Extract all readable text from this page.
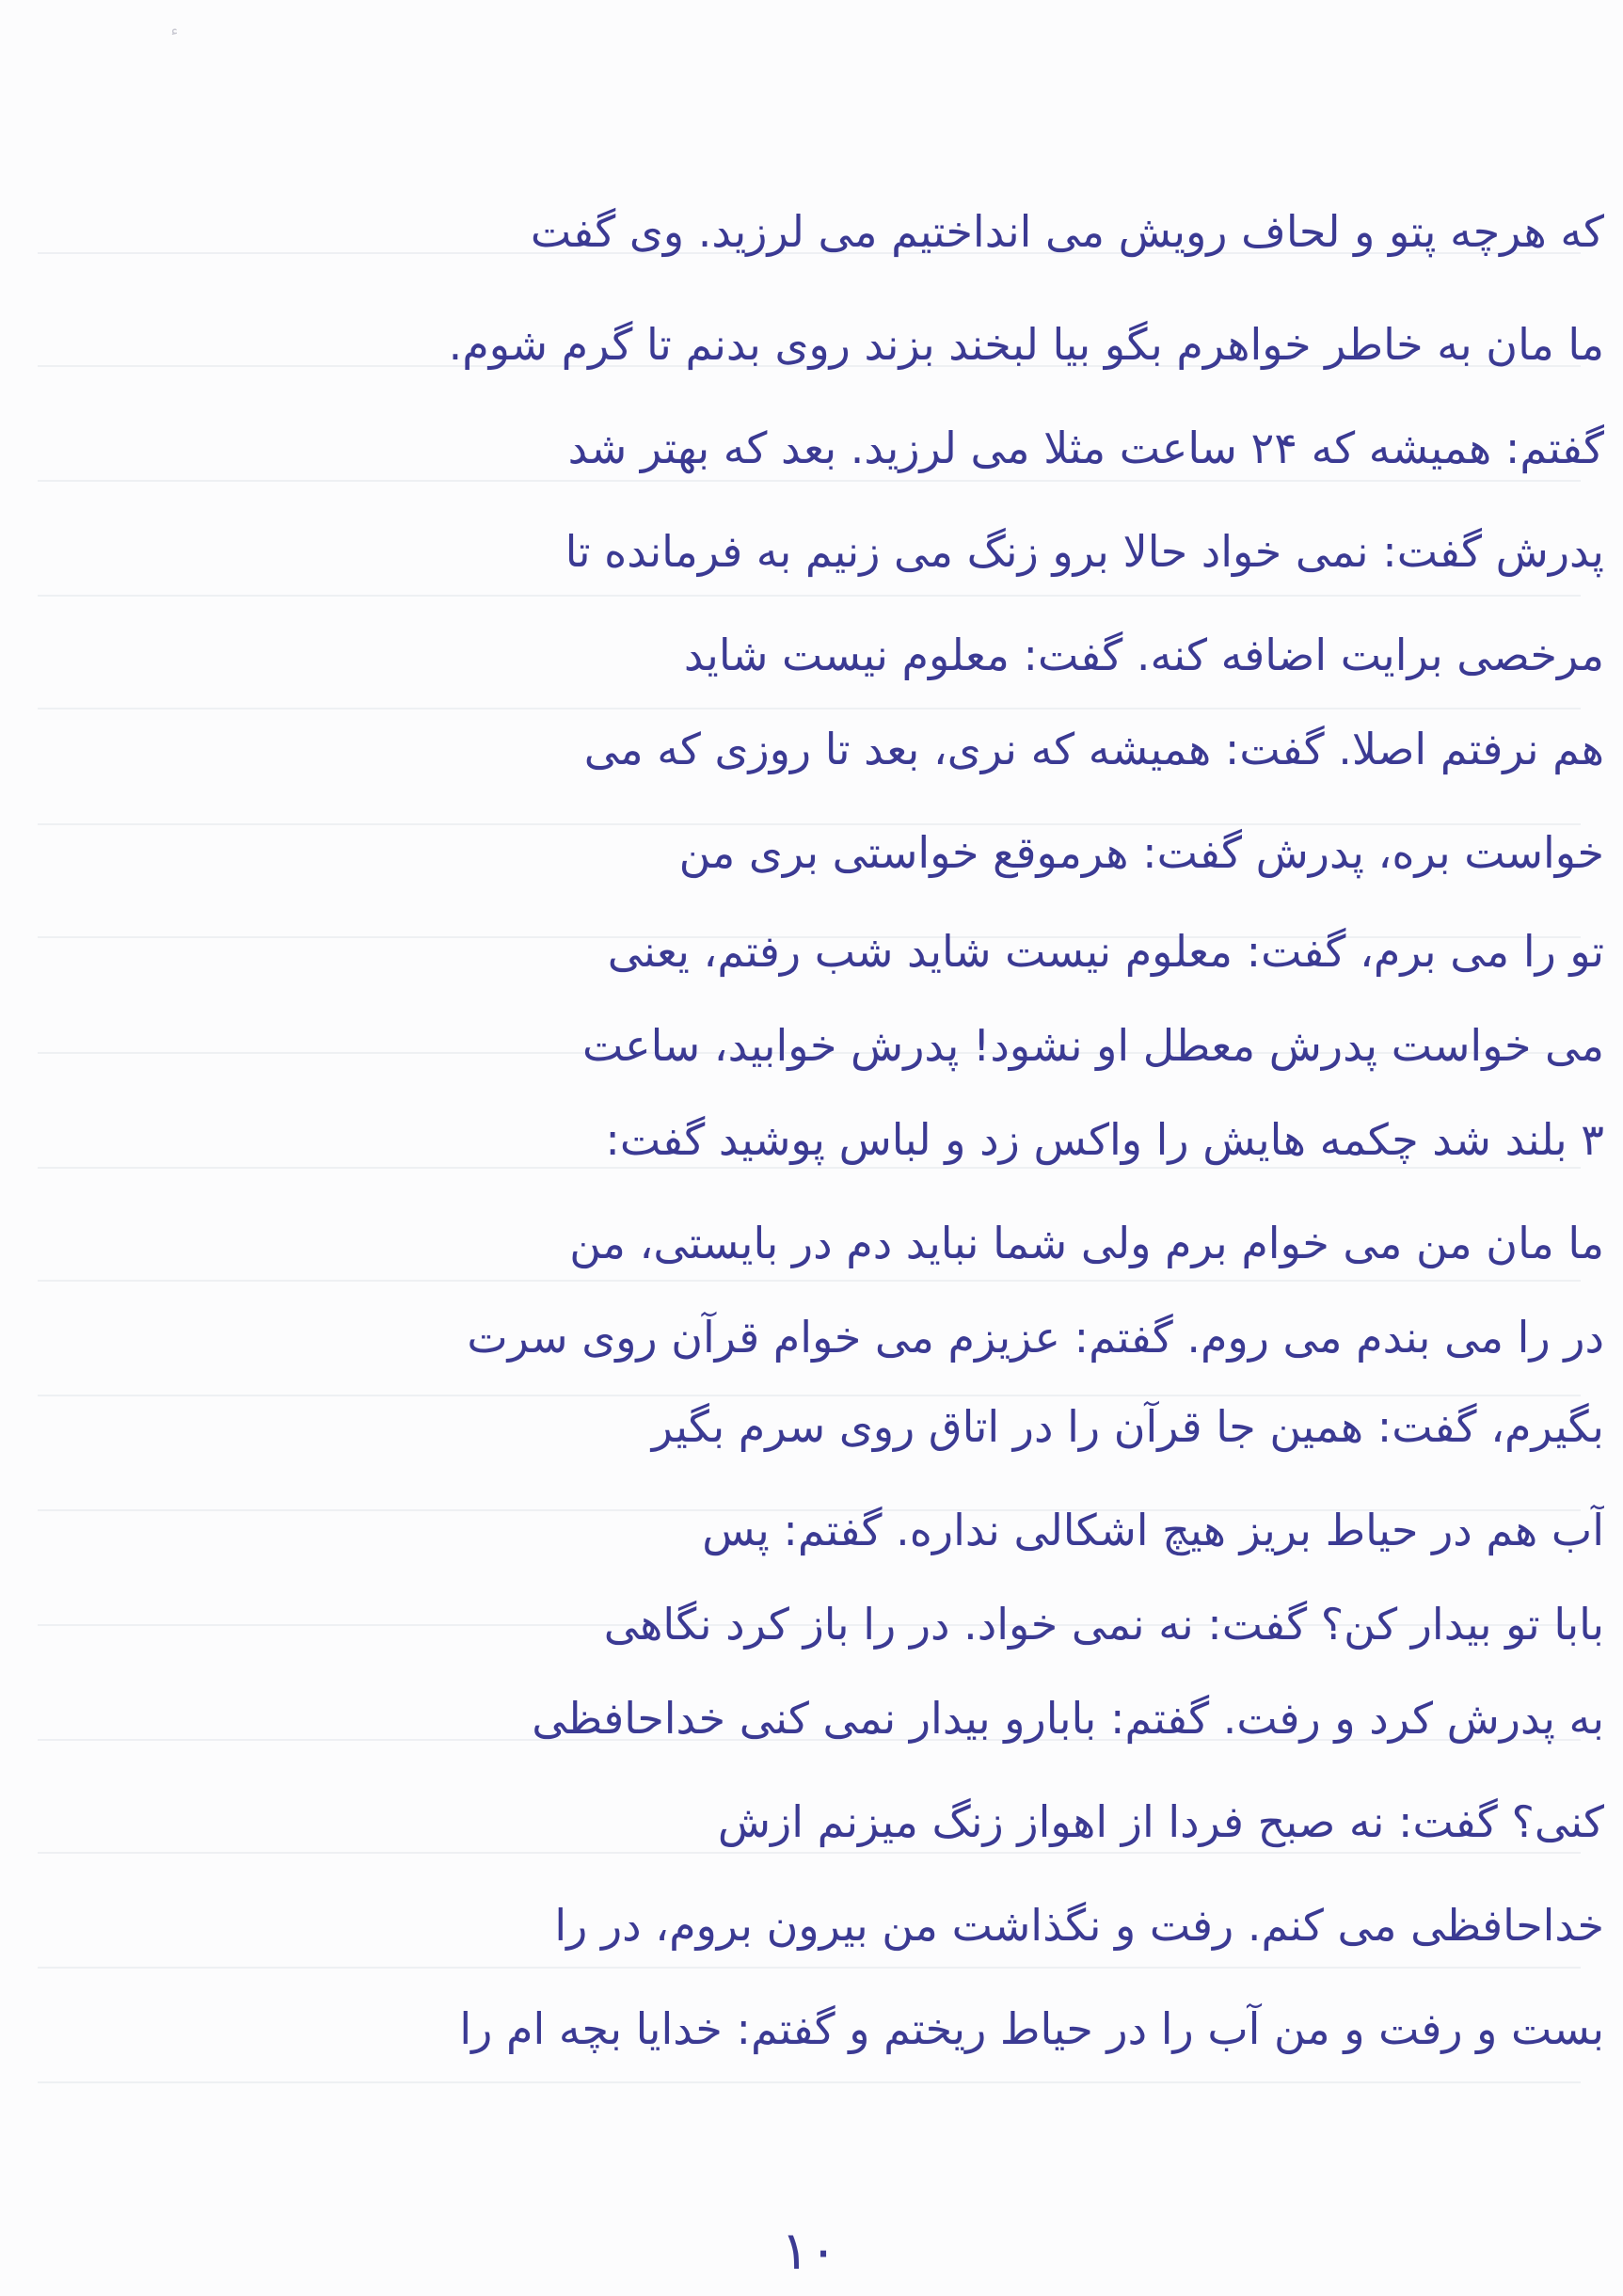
که هرچه پتو و لحاف رویش می انداختیم می لرزید. وی گفت
ما مان به خاطر خواهرم بگو بیا لبخند بزند روی بدنم تا گرم شوم.
گفتم: همیشه که ۲۴ ساعت مثلا می لرزید. بعد که بهتر شد
پدرش گفت: نمی خواد حالا برو زنگ می زنیم به فرمانده تا
مرخصی برایت اضافه کنه. گفت: معلوم نیست شاید
هم نرفتم اصلا. گفت: همیشه که نری، بعد تا روزی که می
خواست بره، پدرش گفت: هرموقع خواستی بری من
تو را می برم، گفت: معلوم نیست شاید شب رفتم، یعنی
می خواست پدرش معطل او نشود! پدرش خوابید، ساعت
۳ بلند شد چکمه هایش را واکس زد و لباس پوشید گفت:
ما مان من می خوام برم ولی شما نباید دم در بایستی، من
در را می بندم می روم. گفتم: عزیزم می خوام قرآن روی سرت
بگیرم، گفت: همین جا قرآن را در اتاق روی سرم بگیر
آب هم در حیاط بریز هیچ اشکالی نداره. گفتم: پس
بابا تو بیدار کن؟ گفت: نه نمی خواد. در را باز کرد نگاهی
به پدرش کرد و رفت. گفتم: بابارو بیدار نمی کنی خداحافظی
کنی؟ گفت: نه صبح فردا از اهواز زنگ میزنم ازش
خداحافظی می کنم. رفت و نگذاشت من بیرون بروم، در را
بست و رفت و من آب را در حیاط ریختم و گفتم: خدایا بچه ام را
۱۰
